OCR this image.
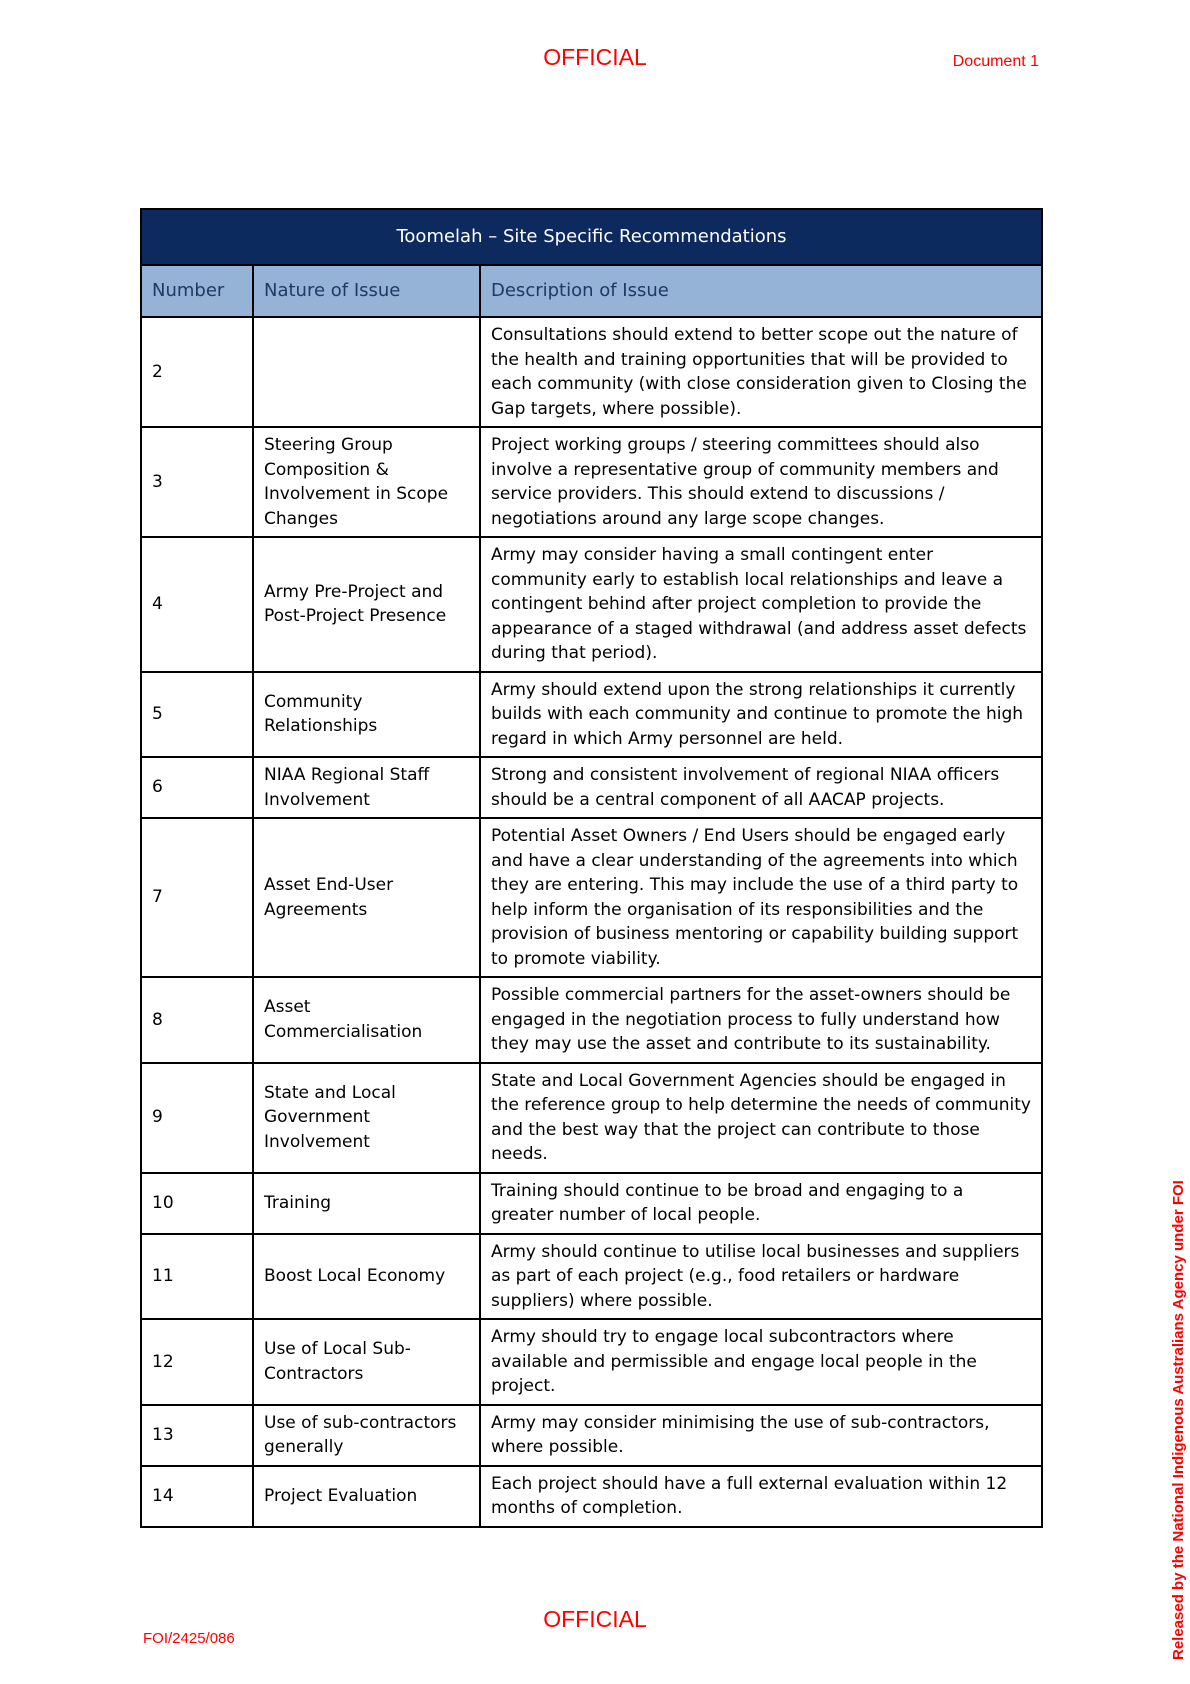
OFFICIAL	Document 1
Toomelah – Site Specific Recommendations		
Number	Nature of Issue	Description of Issue
2		Consultations should extend to better scope out the nature of the health and training opportunities that will be provided to each community (with close consideration given to Closing the Gap targets, where possible).
3	Steering Group Composition & Involvement in Scope Changes	Project working groups / steering committees should also involve a representative group of community members and service providers. This should extend to discussions / negotiations around any large scope changes.
4	Army Pre-Project and Post-Project Presence	Army may consider having a small contingent enter community early to establish local relationships and leave a contingent behind after project completion to provide the appearance of a staged withdrawal (and address asset defects during that period).
5	Community Relationships	Army should extend upon the strong relationships it currently builds with each community and continue to promote the high regard in which Army personnel are held.
6	NIAA Regional Staff Involvement	Strong and consistent involvement of regional NIAA officers should be a central component of all AACAP projects.
7	Asset End-User Agreements	Potential Asset Owners / End Users should be engaged early and have a clear understanding of the agreements into which they are entering. This may include the use of a third party to help inform the organisation of its responsibilities and the provision of business mentoring or capability building support to promote viability.
8	Asset Commercialisation	Possible commercial partners for the asset-owners should be engaged in the negotiation process to fully understand how they may use the asset and contribute to its sustainability.
9	State and Local Government Involvement	State and Local Government Agencies should be engaged in the reference group to help determine the needs of community and the best way that the project can contribute to those needs.
10	Training	Training should continue to be broad and engaging to a greater number of local people.
11	Boost Local Economy	Army should continue to utilise local businesses and suppliers as part of each project (e.g., food retailers or hardware suppliers) where possible.
12	Use of Local Sub-Contractors	Army should try to engage local subcontractors where available and permissible and engage local people in the project.
13	Use of sub-contractors generally	Army may consider minimising the use of sub-contractors, where possible.
14	Project Evaluation	Each project should have a full external evaluation within 12 months of completion.
OFFICIAL
FOI/2425/086	Released by the National Indigenous Australians Agency under FOI
